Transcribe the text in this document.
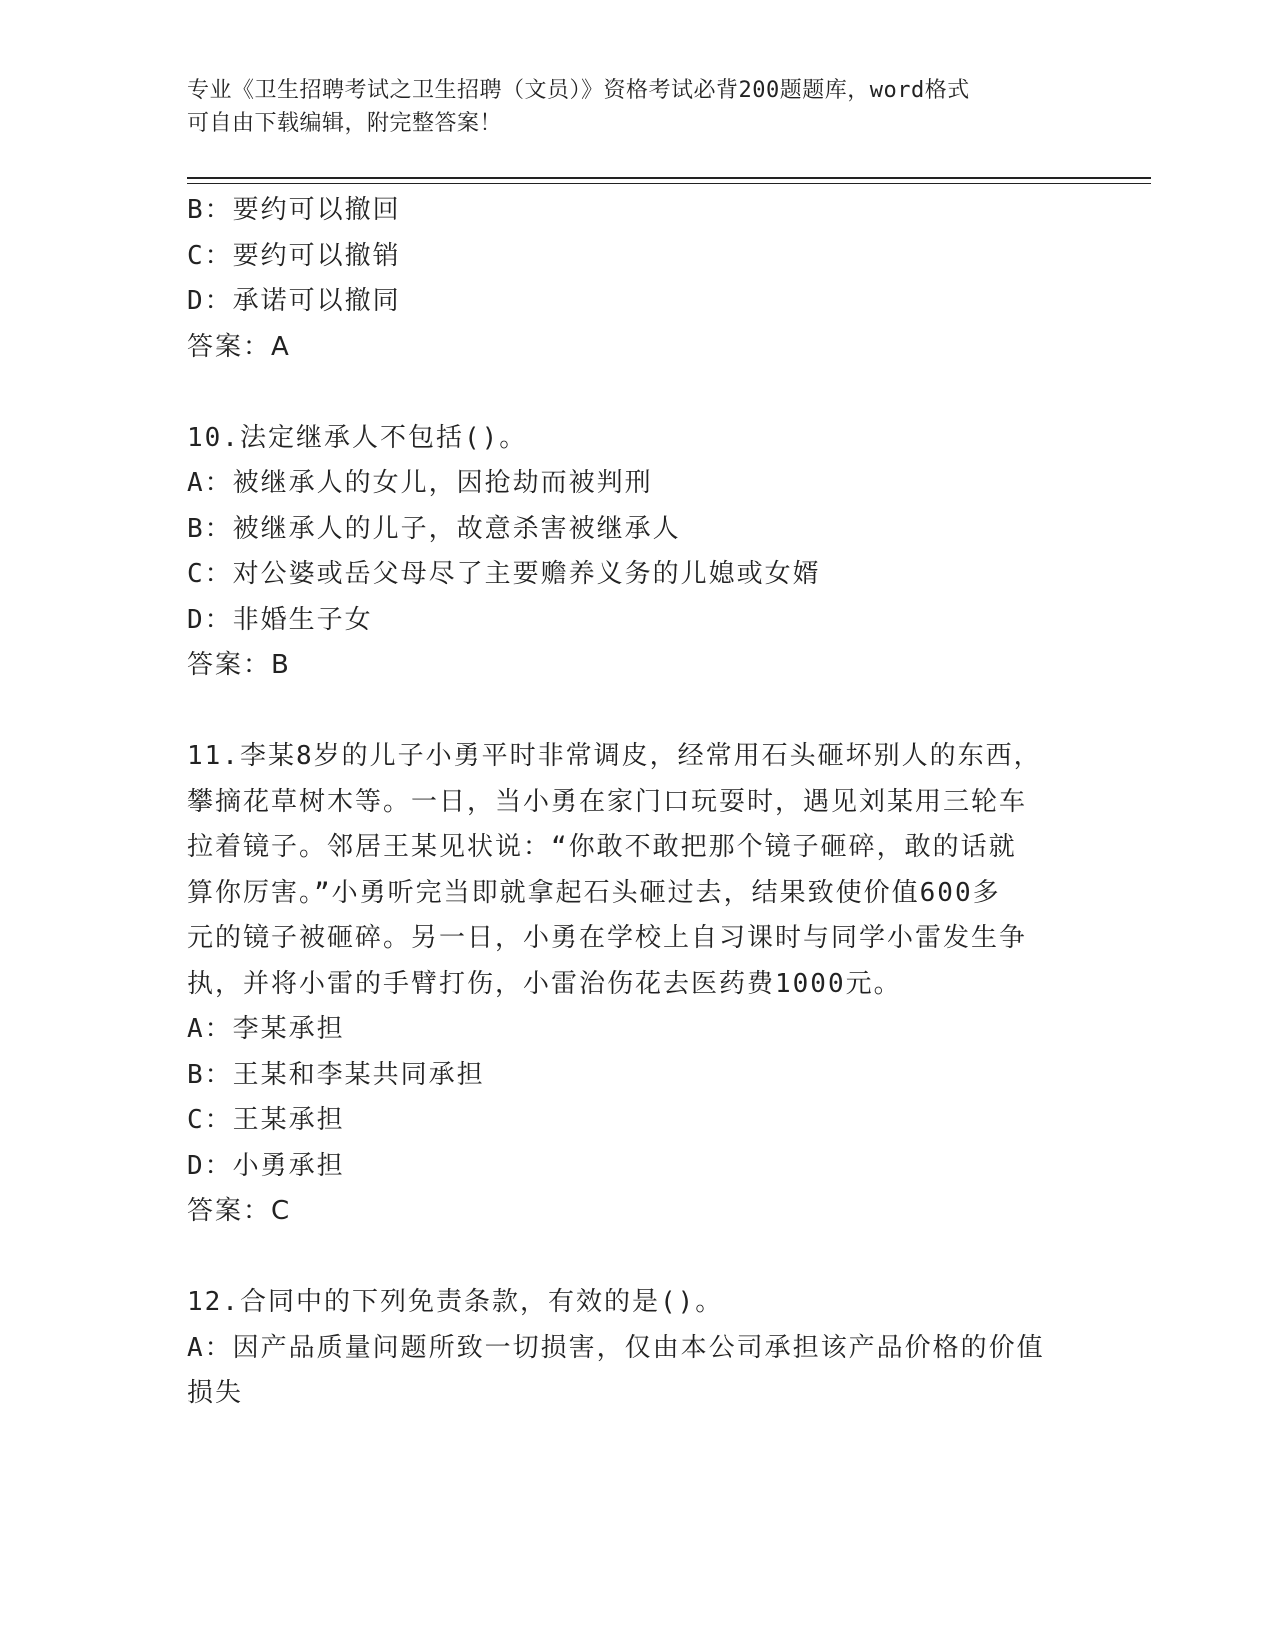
专业《卫生招聘考试之卫生招聘（文员）》资格考试必背200题题库，word格式
可自由下载编辑，附完整答案！
B：要约可以撤回
C：要约可以撤销
D：承诺可以撤同
答案：A
10.法定继承人不包括()。
A：被继承人的女儿，因抢劫而被判刑
B：被继承人的儿子，故意杀害被继承人
C：对公婆或岳父母尽了主要赡养义务的儿媳或女婿
D：非婚生子女
答案：B
11.李某8岁的儿子小勇平时非常调皮，经常用石头砸坏别人的东西，
攀摘花草树木等。一日，当小勇在家门口玩耍时，遇见刘某用三轮车
拉着镜子。邻居王某见状说：“你敢不敢把那个镜子砸碎，敢的话就
算你厉害。”小勇听完当即就拿起石头砸过去，结果致使价值600多
元的镜子被砸碎。另一日，小勇在学校上自习课时与同学小雷发生争
执，并将小雷的手臂打伤，小雷治伤花去医药费1000元。
A：李某承担
B：王某和李某共同承担
C：王某承担
D：小勇承担
答案：C
12.合同中的下列免责条款，有效的是()。
A：因产品质量问题所致一切损害，仅由本公司承担该产品价格的价值
损失
